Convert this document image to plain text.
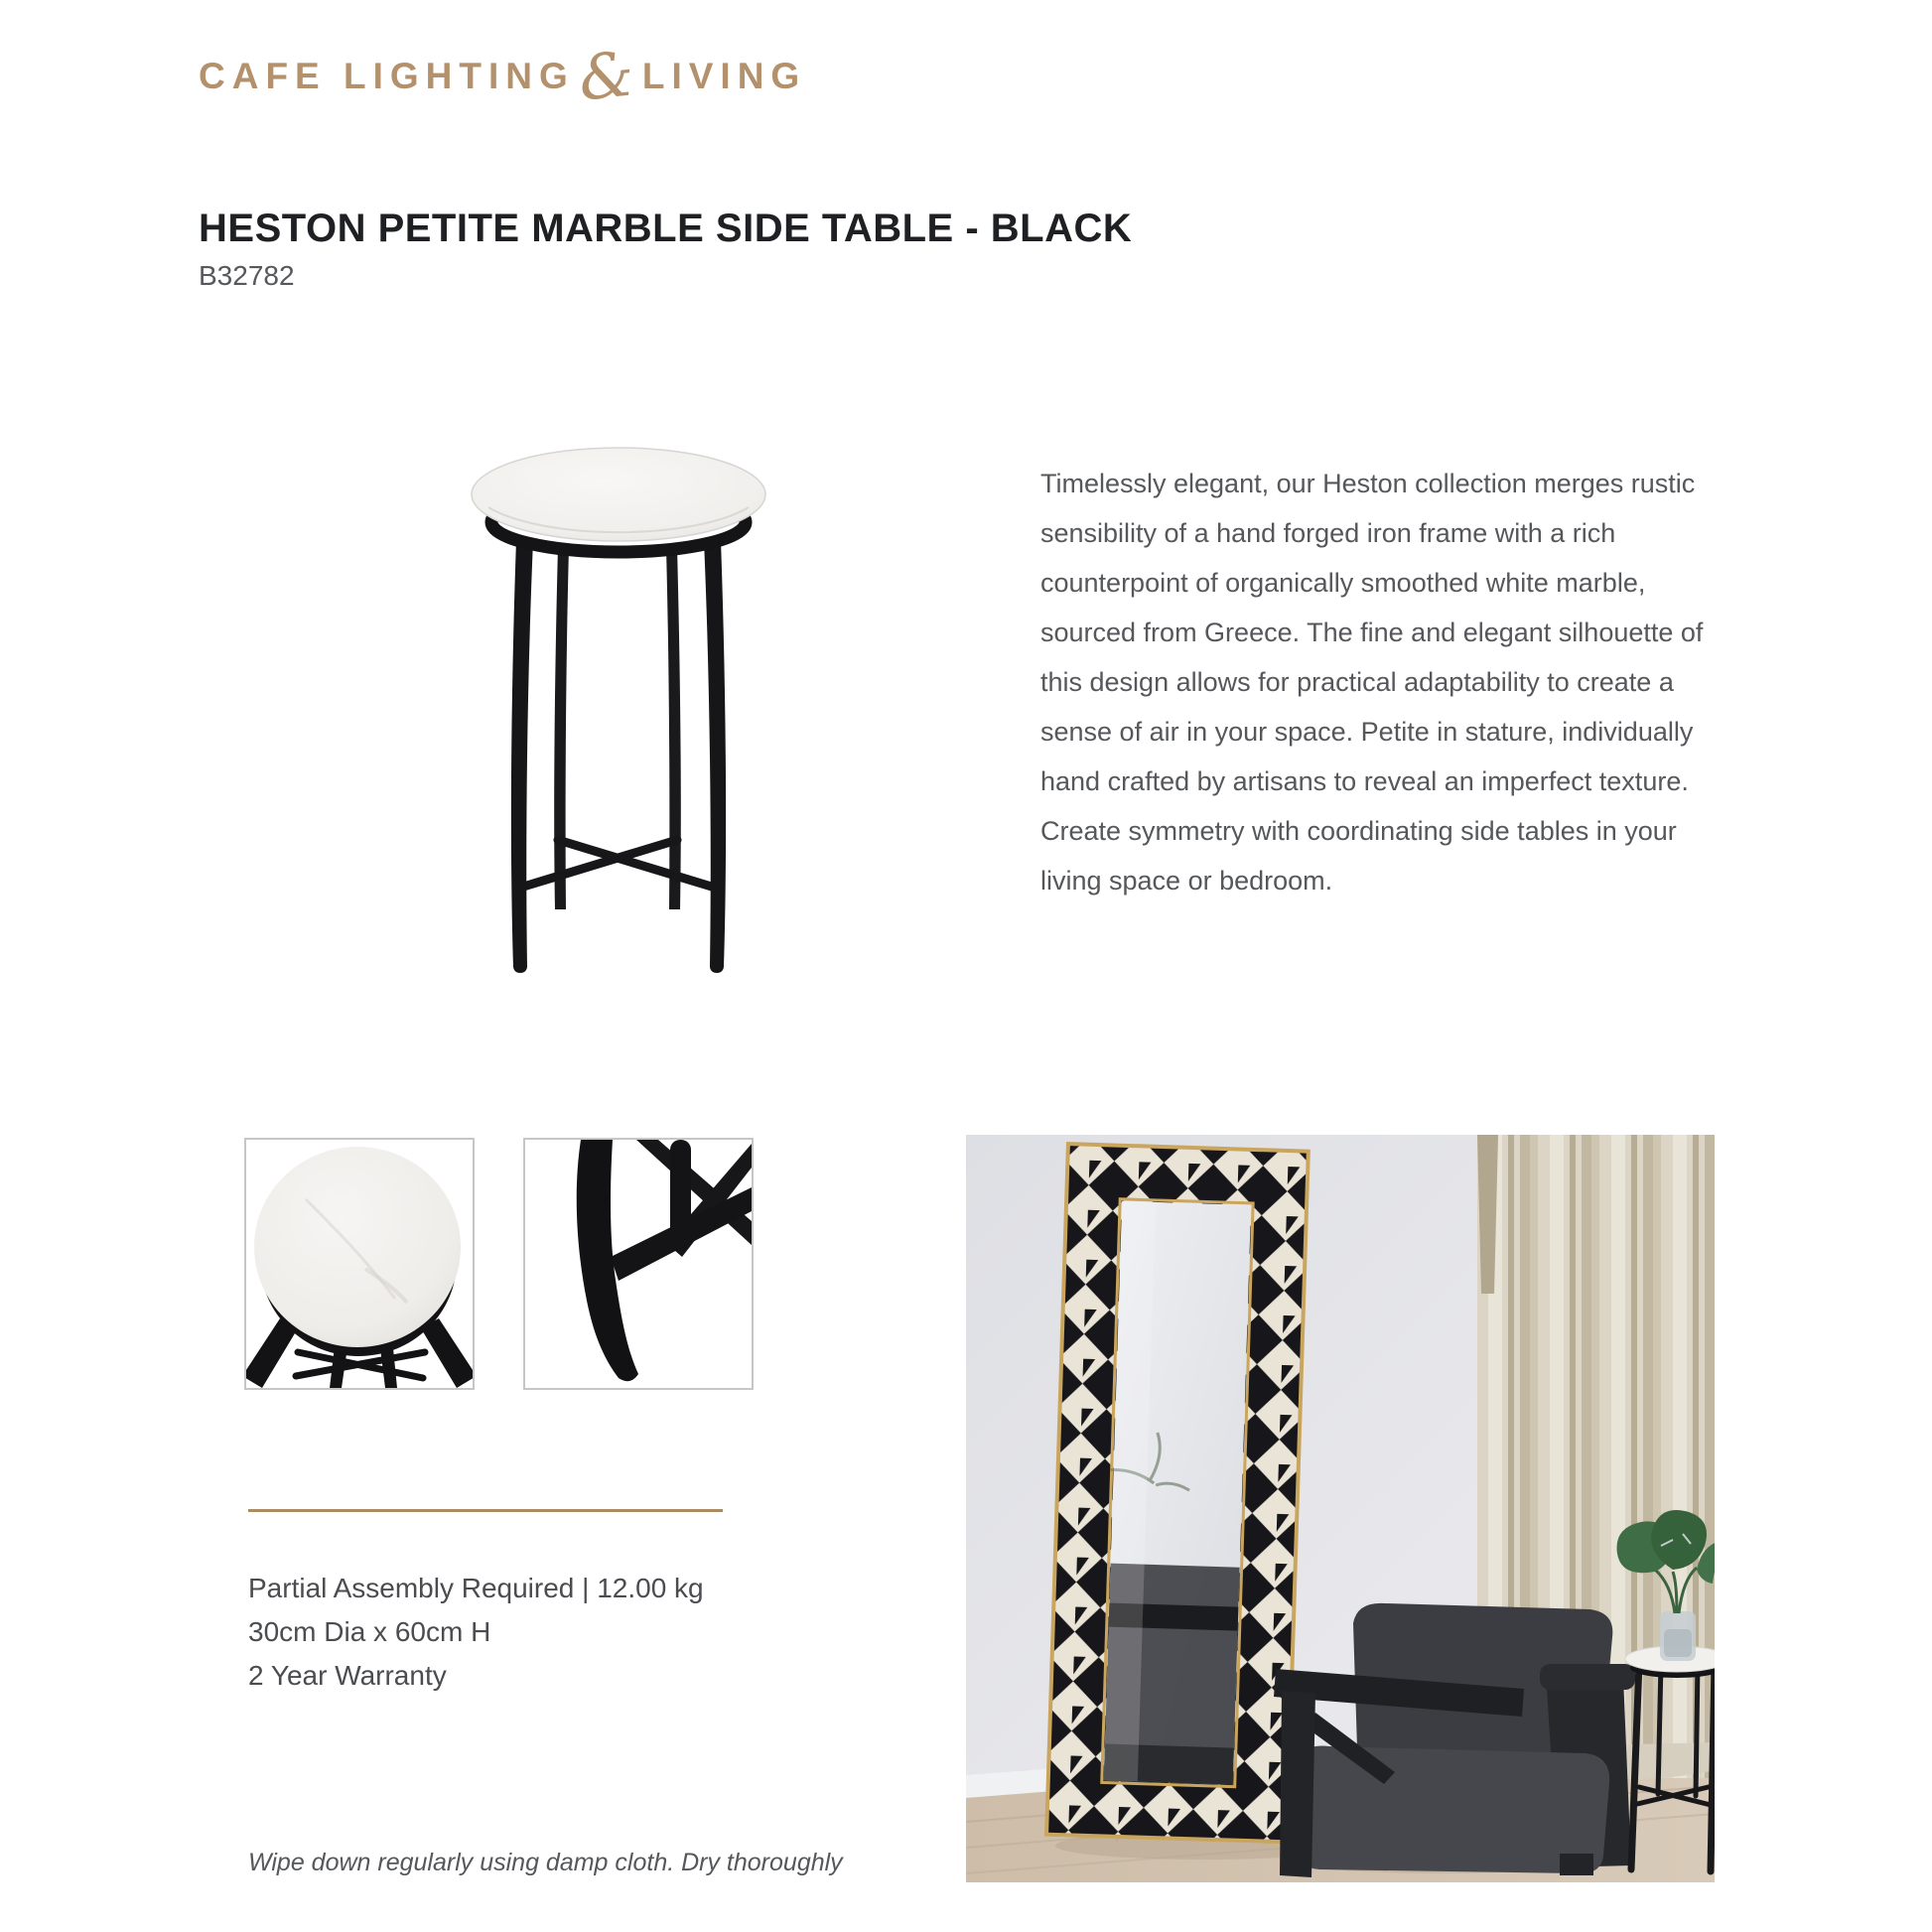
CAFE LIGHTING & LIVING
HESTON PETITE MARBLE SIDE TABLE - BLACK
B32782
Timelessly elegant, our Heston collection merges rustic sensibility of a hand forged iron frame with a rich counterpoint of organically smoothed white marble, sourced from Greece. The fine and elegant silhouette of this design allows for practical adaptability to create a sense of air in your space. Petite in stature, individually hand crafted by artisans to reveal an imperfect texture. Create symmetry with coordinating side tables in your living space or bedroom.
Partial Assembly Required | 12.00 kg
30cm Dia x 60cm H
2 Year Warranty
Wipe down regularly using damp cloth. Dry thoroughly
